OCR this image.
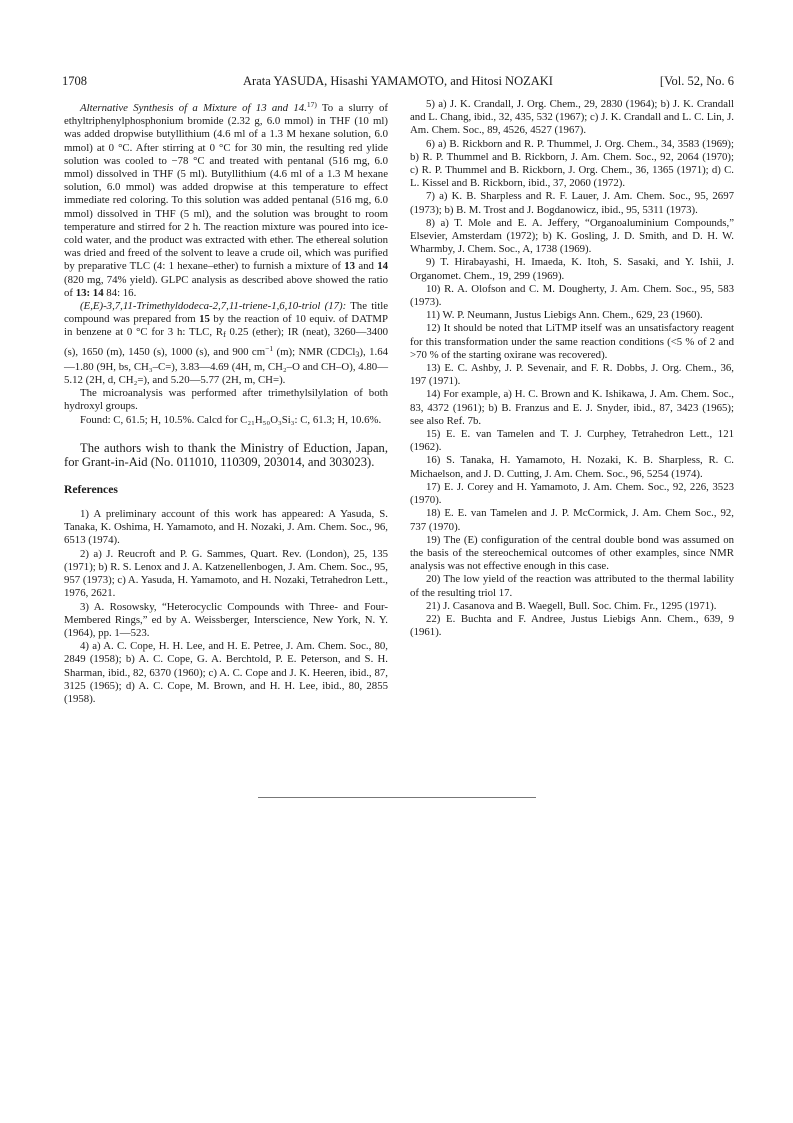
1708	Arata YASUDA, Hisashi YAMAMOTO, and Hitosi NOZAKI	[Vol. 52, No. 6

Alternative Synthesis of a Mixture of 13 and 14.$^{17)}$ To a slurry of ethyltriphenylphosphonium bromide (2.32 g, 6.0 mmol) in THF (10 ml) was added dropwise butyllithium (4.6 ml of a 1.3 M hexane solution, 6.0 mmol) at 0 °C. After stirring at 0 °C for 30 min, the resulting red ylide solution was cooled to −78 °C and treated with pentanal (516 mg, 6.0 mmol) dissolved in THF (5 ml). Butyllithium (4.6 ml of a 1.3 M hexane solution, 6.0 mmol) was added dropwise at this temperature to effect immediate red coloring. To this solution was added pentanal (516 mg, 6.0 mmol) dissolved in THF (5 ml), and the solution was brought to room temperature and stirred for 2 h. The reaction mixture was poured into ice-cold water, and the product was extracted with ether. The ethereal solution was dried and freed of the solvent to leave a crude oil, which was purified by preparative TLC (4: 1 hexane–ether) to furnish a mixture of 13 and 14 (820 mg, 74% yield). GLPC analysis as described above showed the ratio of 13: 14 84: 16.

(E,E)-3,7,11-Trimethyldodeca-2,7,11-triene-1,6,10-triol (17): The title compound was prepared from 15 by the reaction of 10 equiv. of DATMP in benzene at 0 °C for 3 h: TLC, $R_f$ 0.25 (ether); IR (neat), 3260—3400 (s), 1650 (m), 1450 (s), 1000 (s), and 900 $cm^{-1}$ (m); NMR (CDCl$_3$), 1.64—1.80 (9H, bs, CH₃–C=), 3.83—4.69 (4H, m, CH₂–O and CH–O), 4.80—5.12 (2H, d, CH₂=), and 5.20—5.77 (2H, m, CH=).

The microanalysis was performed after trimethylsilylation of both hydroxyl groups.

Found: C, 61.5; H, 10.5%. Calcd for C₂₁H₅₀O₃Si₃: C, 61.3; H, 10.6%.

The authors wish to thank the Ministry of Eduction, Japan, for Grant-in-Aid (No. 011010, 110309, 203014, and 303023).

References

1) A preliminary account of this work has appeared: A Yasuda, S. Tanaka, K. Oshima, H. Yamamoto, and H. Nozaki, J. Am. Chem. Soc., 96, 6513 (1974).

2) a) J. Reucroft and P. G. Sammes, Quart. Rev. (London), 25, 135 (1971); b) R. S. Lenox and J. A. Katzenellenbogen, J. Am. Chem. Soc., 95, 957 (1973); c) A. Yasuda, H. Yamamoto, and H. Nozaki, Tetrahedron Lett., 1976, 2621.

3) A. Rosowsky, “Heterocyclic Compounds with Three- and Four-Membered Rings,” ed by A. Weissberger, Interscience, New York, N. Y. (1964), pp. 1—523.

4) a) A. C. Cope, H. H. Lee, and H. E. Petree, J. Am. Chem. Soc., 80, 2849 (1958); b) A. C. Cope, G. A. Berchtold, P. E. Peterson, and S. H. Sharman, ibid., 82, 6370 (1960); c) A. C. Cope and J. K. Heeren, ibid., 87, 3125 (1965); d) A. C. Cope, M. Brown, and H. H. Lee, ibid., 80, 2855 (1958).

5) a) J. K. Crandall, J. Org. Chem., 29, 2830 (1964); b) J. K. Crandall and L. Chang, ibid., 32, 435, 532 (1967); c) J. K. Crandall and L. C. Lin, J. Am. Chem. Soc., 89, 4526, 4527 (1967).

6) a) B. Rickborn and R. P. Thummel, J. Org. Chem., 34, 3583 (1969); b) R. P. Thummel and B. Rickborn, J. Am. Chem. Soc., 92, 2064 (1970); c) R. P. Thummel and B. Rickborn, J. Org. Chem., 36, 1365 (1971); d) C. L. Kissel and B. Rickborn, ibid., 37, 2060 (1972).

7) a) K. B. Sharpless and R. F. Lauer, J. Am. Chem. Soc., 95, 2697 (1973); b) B. M. Trost and J. Bogdanowicz, ibid., 95, 5311 (1973).

8) a) T. Mole and E. A. Jeffery, “Organoaluminium Compounds,” Elsevier, Amsterdam (1972); b) K. Gosling, J. D. Smith, and D. H. W. Wharmby, J. Chem. Soc., A, 1738 (1969).

9) T. Hirabayashi, H. Imaeda, K. Itoh, S. Sasaki, and Y. Ishii, J. Organomet. Chem., 19, 299 (1969).

10) R. A. Olofson and C. M. Dougherty, J. Am. Chem. Soc., 95, 583 (1973).

11) W. P. Neumann, Justus Liebigs Ann. Chem., 629, 23 (1960).

12) It should be noted that LiTMP itself was an unsatisfactory reagent for this transformation under the same reaction conditions (<5 % of 2 and >70 % of the starting oxirane was recovered).

13) E. C. Ashby, J. P. Sevenair, and F. R. Dobbs, J. Org. Chem., 36, 197 (1971).

14) For example, a) H. C. Brown and K. Ishikawa, J. Am. Chem. Soc., 83, 4372 (1961); b) B. Franzus and E. J. Snyder, ibid., 87, 3423 (1965); see also Ref. 7b.

15) E. E. van Tamelen and T. J. Curphey, Tetrahedron Lett., 121 (1962).

16) S. Tanaka, H. Yamamoto, H. Nozaki, K. B. Sharpless, R. C. Michaelson, and J. D. Cutting, J. Am. Chem. Soc., 96, 5254 (1974).

17) E. J. Corey and H. Yamamoto, J. Am. Chem. Soc., 92, 226, 3523 (1970).

18) E. E. van Tamelen and J. P. McCormick, J. Am. Chem Soc., 92, 737 (1970).

19) The (E) configuration of the central double bond was assumed on the basis of the stereochemical outcomes of other examples, since NMR analysis was not effective enough in this case.

20) The low yield of the reaction was attributed to the thermal lability of the resulting triol 17.

21) J. Casanova and B. Waegell, Bull. Soc. Chim. Fr., 1295 (1971).

22) E. Buchta and F. Andree, Justus Liebigs Ann. Chem., 639, 9 (1961).
